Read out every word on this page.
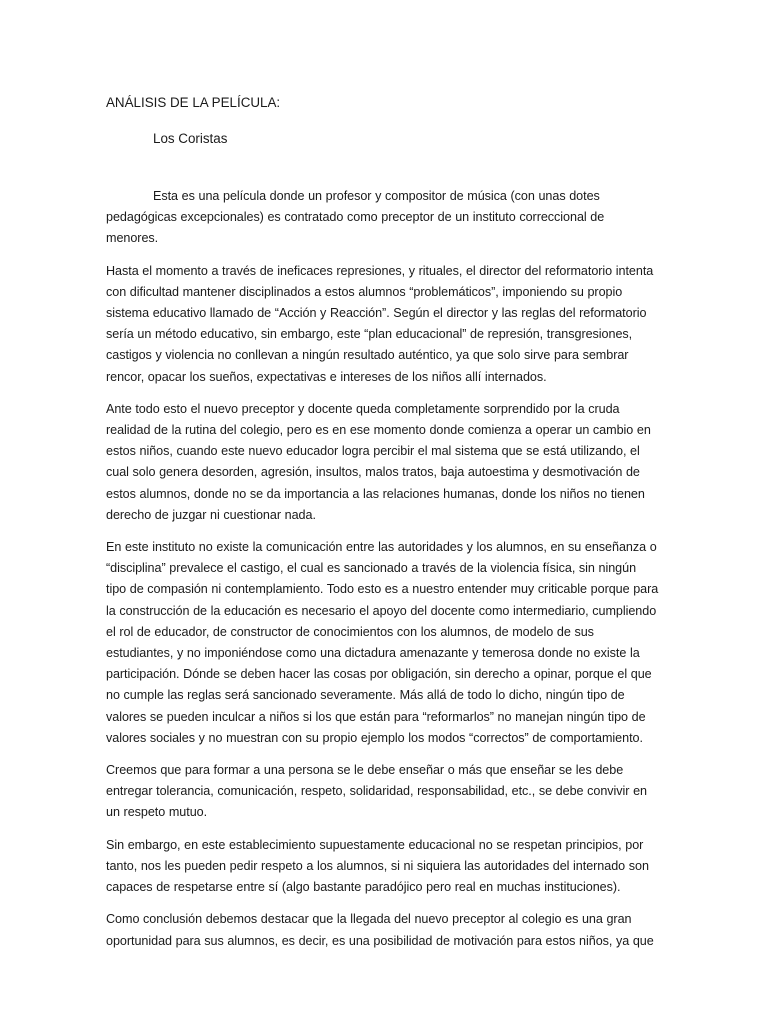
ANÁLISIS DE LA PELÍCULA:

Los Coristas

Esta es una película donde un profesor y compositor de música (con unas dotes pedagógicas excepcionales) es contratado como preceptor de un instituto correccional de menores.

Hasta el momento a través de ineficaces represiones, y rituales, el director del reformatorio intenta con dificultad mantener disciplinados a estos alumnos “problemáticos”, imponiendo su propio sistema educativo llamado de “Acción y Reacción”. Según el director y las reglas del reformatorio sería un método educativo, sin embargo, este “plan educacional” de represión, transgresiones, castigos y violencia no conllevan a ningún resultado auténtico, ya que solo sirve para sembrar rencor, opacar los sueños, expectativas e intereses de los niños allí internados.

Ante todo esto el nuevo preceptor y docente queda completamente sorprendido por la cruda realidad de la rutina del colegio, pero es en ese momento donde comienza a operar un cambio en estos niños, cuando este nuevo educador logra percibir el mal sistema que se está utilizando, el cual solo genera desorden, agresión, insultos, malos tratos, baja autoestima y desmotivación de estos alumnos, donde no se da importancia a las relaciones humanas, donde los niños no tienen derecho de juzgar ni cuestionar nada.

En este instituto no existe la comunicación entre las autoridades y los alumnos, en su enseñanza o “disciplina” prevalece el castigo, el cual es sancionado a través de la violencia física, sin ningún tipo de compasión ni contemplamiento. Todo esto es a nuestro entender muy criticable porque para la construcción de la educación es necesario el apoyo del docente como intermediario, cumpliendo el rol de educador, de constructor de conocimientos con los alumnos, de modelo de sus estudiantes, y no imponiéndose como una dictadura amenazante y temerosa donde no existe la participación. Dónde se deben hacer las cosas por obligación, sin derecho a opinar, porque el que no cumple las reglas será sancionado severamente. Más allá de todo lo dicho, ningún tipo de valores se pueden inculcar a niños si los que están para “reformarlos” no manejan ningún tipo de valores sociales y no muestran con su propio ejemplo los modos “correctos” de comportamiento.

Creemos que para formar a una persona se le debe enseñar o más que enseñar se les debe entregar tolerancia, comunicación, respeto, solidaridad, responsabilidad, etc., se debe convivir en un respeto mutuo.

Sin embargo, en este establecimiento supuestamente educacional no se respetan principios, por tanto, nos les pueden pedir respeto a los alumnos, si ni siquiera las autoridades del internado son capaces de respetarse entre sí (algo bastante paradójico pero real en muchas instituciones).

Como conclusión debemos destacar que la llegada del nuevo preceptor al colegio es una gran oportunidad para sus alumnos, es decir, es una posibilidad de motivación para estos niños, ya que
